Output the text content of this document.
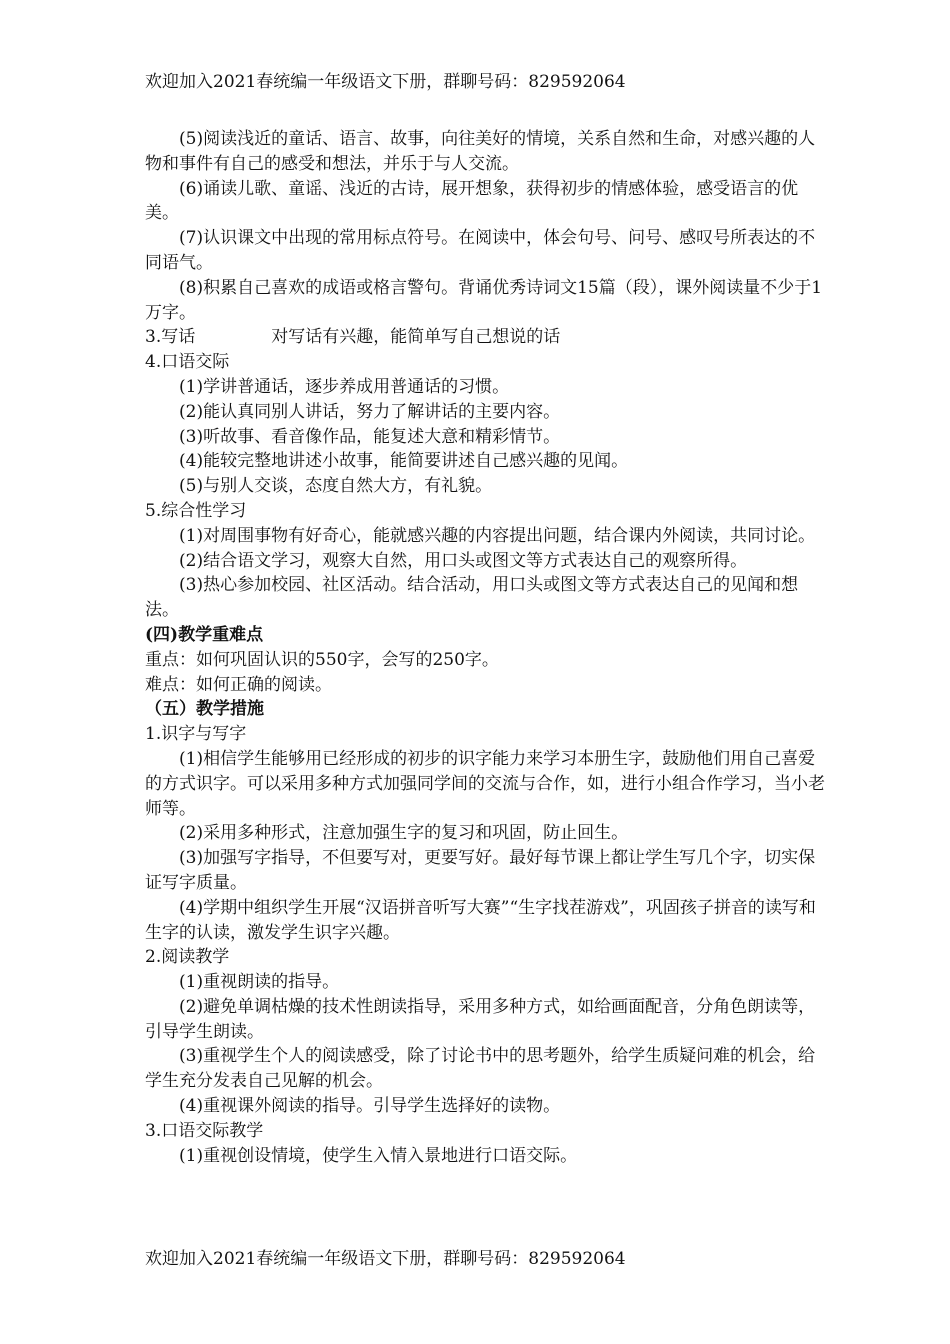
欢迎加入2021春统编一年级语文下册，群聊号码：829592064

(5)阅读浅近的童话、语言、故事，向往美好的情境，关系自然和生命，对感兴趣的人物和事件有自己的感受和想法，并乐于与人交流。

(6)诵读儿歌、童谣、浅近的古诗，展开想象，获得初步的情感体验，感受语言的优美。

(7)认识课文中出现的常用标点符号。在阅读中，体会句号、问号、感叹号所表达的不同语气。

(8)积累自己喜欢的成语或格言警句。背诵优秀诗词文15篇（段），课外阅读量不少于1万字。

3.写话	对写话有兴趣，能简单写自己想说的话

4.口语交际

(1)学讲普通话，逐步养成用普通话的习惯。

(2)能认真同别人讲话，努力了解讲话的主要内容。

(3)听故事、看音像作品，能复述大意和精彩情节。

(4)能较完整地讲述小故事，能简要讲述自己感兴趣的见闻。

(5)与别人交谈，态度自然大方，有礼貌。

5.综合性学习

(1)对周围事物有好奇心，能就感兴趣的内容提出问题，结合课内外阅读，共同讨论。

(2)结合语文学习，观察大自然，用口头或图文等方式表达自己的观察所得。

(3)热心参加校园、社区活动。结合活动，用口头或图文等方式表达自己的见闻和想法。

(四)教学重难点

重点：如何巩固认识的550字，会写的250字。

难点：如何正确的阅读。

（五）教学措施

1.识字与写字

(1)相信学生能够用已经形成的初步的识字能力来学习本册生字，鼓励他们用自己喜爱的方式识字。可以采用多种方式加强同学间的交流与合作，如，进行小组合作学习，当小老师等。

(2)采用多种形式，注意加强生字的复习和巩固，防止回生。

(3)加强写字指导，不但要写对，更要写好。最好每节课上都让学生写几个字，切实保证写字质量。

(4)学期中组织学生开展“汉语拼音听写大赛”“生字找茬游戏”，巩固孩子拼音的读写和生字的认读，激发学生识字兴趣。

2.阅读教学

(1)重视朗读的指导。

(2)避免单调枯燥的技术性朗读指导，采用多种方式，如给画面配音，分角色朗读等，引导学生朗读。

(3)重视学生个人的阅读感受，除了讨论书中的思考题外，给学生质疑问难的机会，给学生充分发表自己见解的机会。

(4)重视课外阅读的指导。引导学生选择好的读物。

3.口语交际教学

(1)重视创设情境，使学生入情入景地进行口语交际。

欢迎加入2021春统编一年级语文下册，群聊号码：829592064
